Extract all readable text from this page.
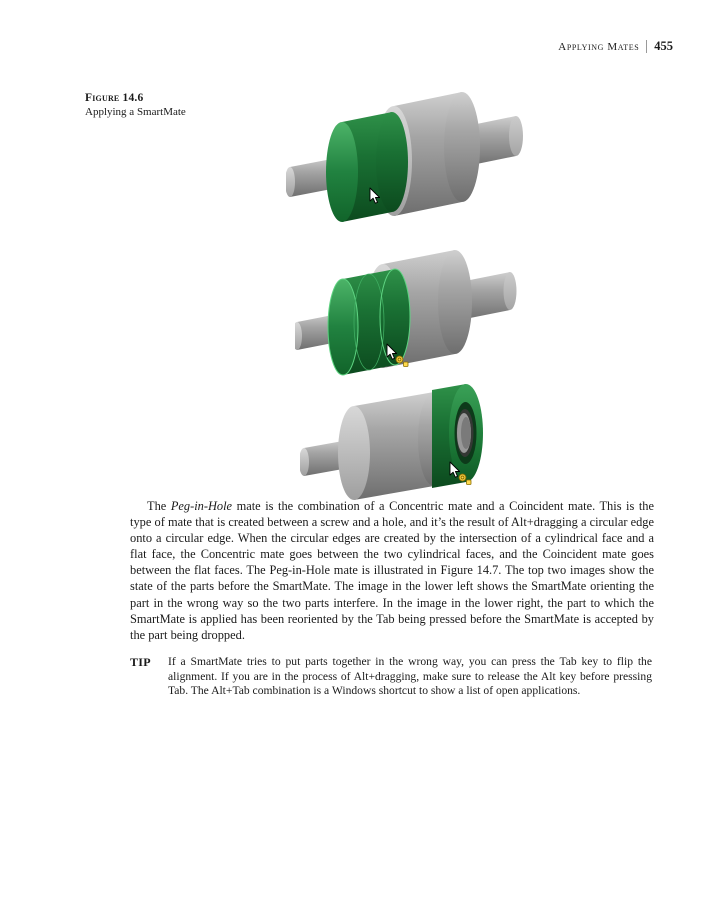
Applying Mates 455
Figure 14.6
Applying a SmartMate

The Peg-in-Hole mate is the combination of a Concentric mate and a Coincident mate. This is the type of mate that is created between a screw and a hole, and it’s the result of Alt+dragging a circular edge onto a circular edge. When the circular edges are created by the intersection of a cylindrical face and a flat face, the Concentric mate goes between the two cylindrical faces, and the Coincident mate goes between the flat faces. The Peg-in-Hole mate is illustrated in Figure 14.7. The top two images show the state of the parts before the SmartMate. The image in the lower left shows the SmartMate orienting the part in the wrong way so the two parts interfere. In the image in the lower right, the part to which the SmartMate is applied has been reoriented by the Tab being pressed before the SmartMate is accepted by the part being dropped.

TIP	If a SmartMate tries to put parts together in the wrong way, you can press the Tab key to flip the alignment. If you are in the process of Alt+dragging, make sure to release the Alt key before pressing Tab. The Alt+Tab combination is a Windows shortcut to show a list of open applications.
